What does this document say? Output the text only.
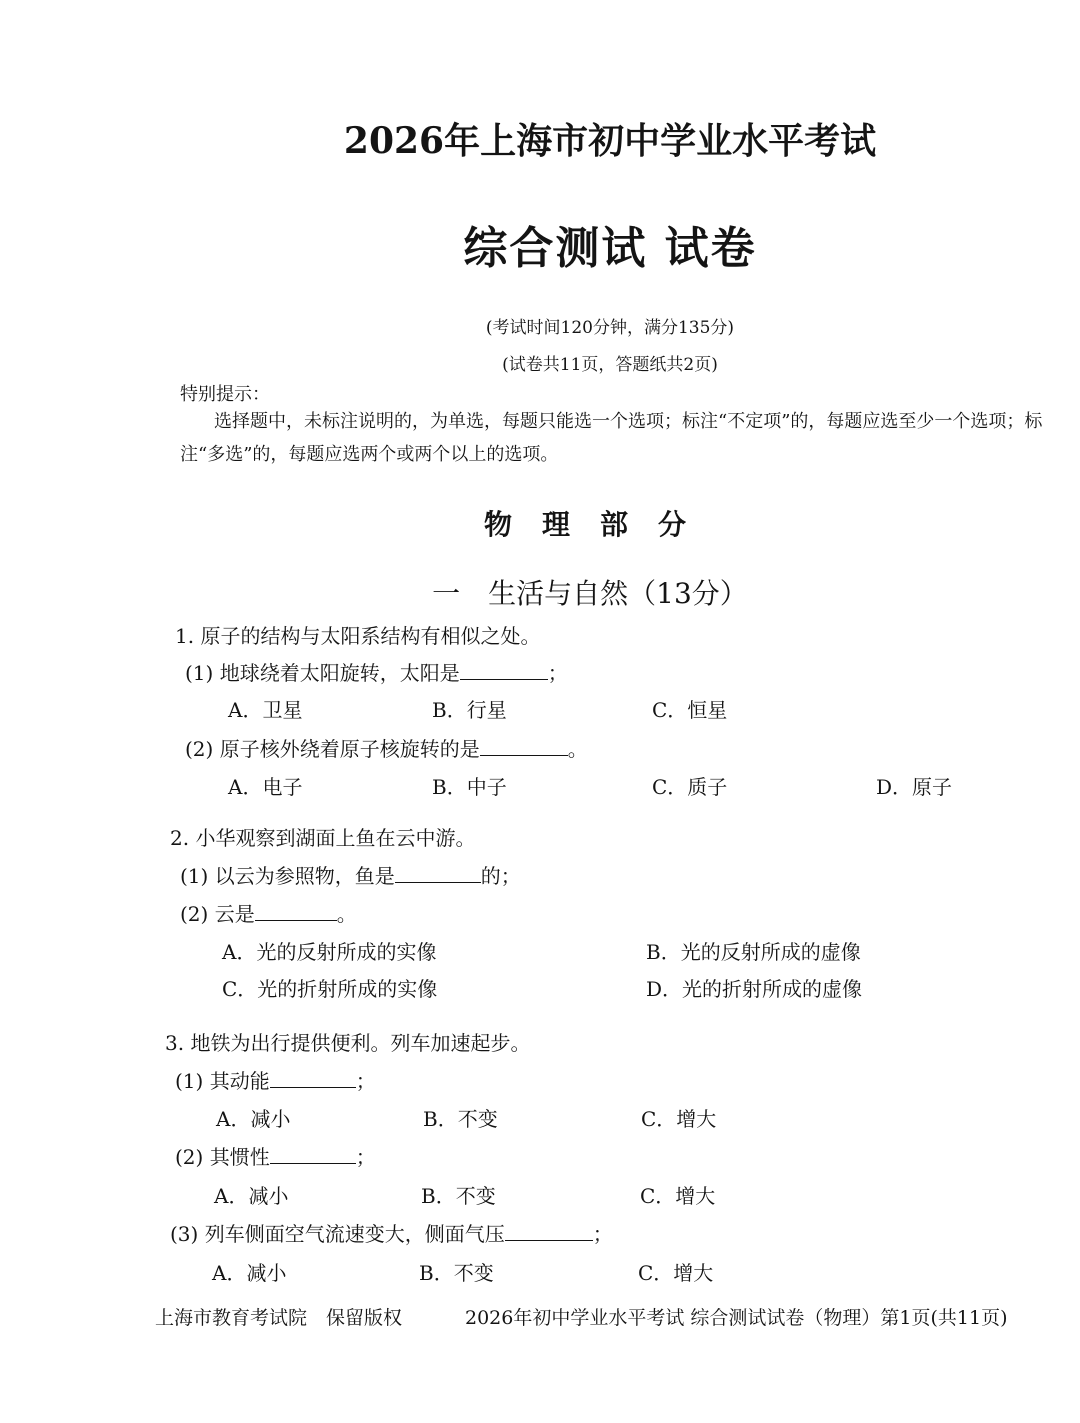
2026年上海市初中学业水平考试
综合测试 试卷
(考试时间120分钟，满分135分)
(试卷共11页，答题纸共2页)
特别提示：
选择题中，未标注说明的，为单选，每题只能选一个选项；标注“不定项”的，每题应选至少一个选项；标注“多选”的，每题应选两个或两个以上的选项。
物理部分
一　生活与自然（13分）
1. 原子的结构与太阳系结构有相似之处。
(1) 地球绕着太阳旋转，太阳是	；
A．卫星	B．行星	C．恒星
(2) 原子核外绕着原子核旋转的是	。
A．电子	B．中子	C．质子	D．原子
2. 小华观察到湖面上鱼在云中游。
(1) 以云为参照物，鱼是	的；
(2) 云是	。
A．光的反射所成的实像	B．光的反射所成的虚像
C．光的折射所成的实像	D．光的折射所成的虚像
3. 地铁为出行提供便利。列车加速起步。
(1) 其动能	；
A．减小	B．不变	C．增大
(2) 其惯性	；
A．减小	B．不变	C．增大
(3) 列车侧面空气流速变大，侧面气压	；
A．减小	B．不变	C．增大
上海市教育考试院　保留版权	2026年初中学业水平考试 综合测试试卷（物理）第1页(共11页)
